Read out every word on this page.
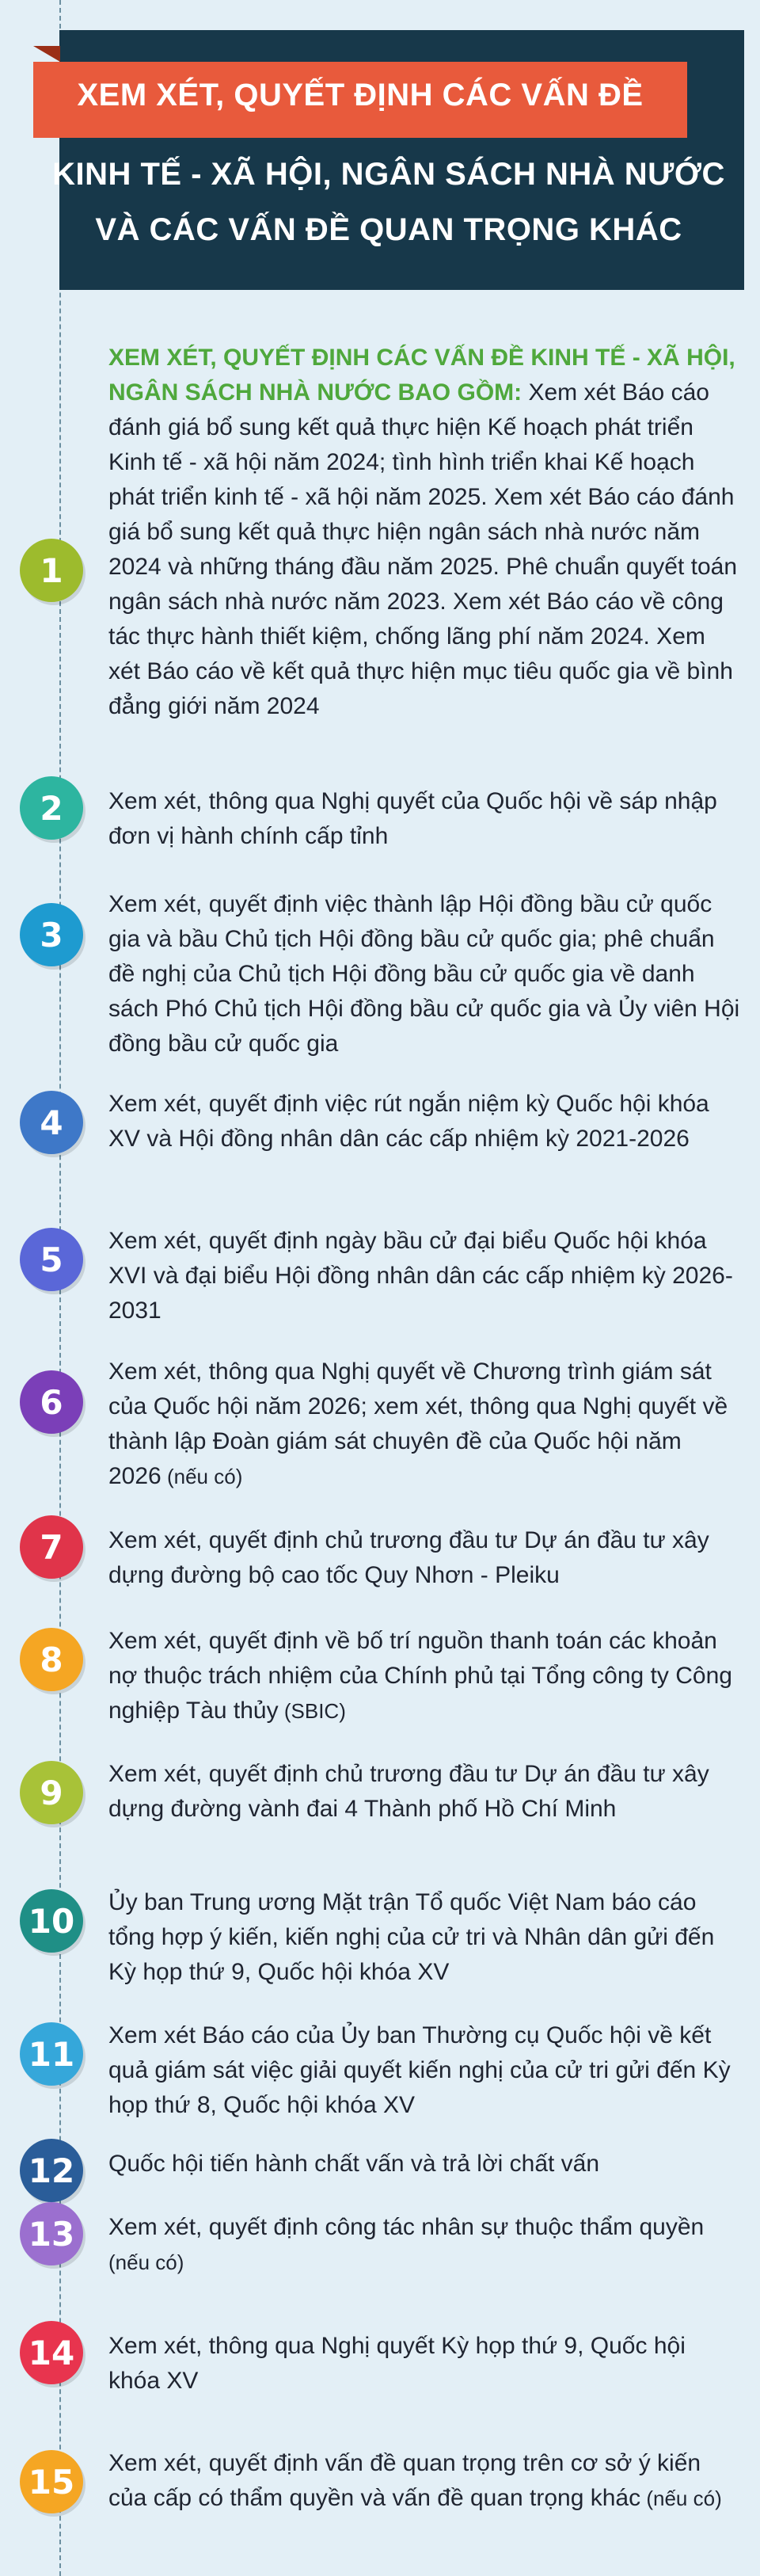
XEM XÉT, QUYẾT ĐỊNH CÁC VẤN ĐỀ
KINH TẾ - XÃ HỘI, NGÂN SÁCH NHÀ NƯỚC
VÀ CÁC VẤN ĐỀ QUAN TRỌNG KHÁC
1
XEM XÉT, QUYẾT ĐỊNH CÁC VẤN ĐỀ KINH TẾ - XÃ HỘI, NGÂN SÁCH NHÀ NƯỚC BAO GỒM: Xem xét Báo cáo đánh giá bổ sung kết quả thực hiện Kế hoạch phát triển Kinh tế - xã hội năm 2024; tình hình triển khai Kế hoạch phát triển kinh tế - xã hội năm 2025. Xem xét Báo cáo đánh giá bổ sung kết quả thực hiện ngân sách nhà nước năm 2024 và những tháng đầu năm 2025. Phê chuẩn quyết toán ngân sách nhà nước năm 2023. Xem xét Báo cáo về công tác thực hành thiết kiệm, chống lãng phí năm 2024. Xem xét Báo cáo về kết quả thực hiện mục tiêu quốc gia về bình đẳng giới năm 2024
2	Xem xét, thông qua Nghị quyết của Quốc hội về sáp nhập đơn vị hành chính cấp tỉnh
3
Xem xét, quyết định việc thành lập Hội đồng bầu cử quốc gia và bầu Chủ tịch Hội đồng bầu cử quốc gia; phê chuẩn đề nghị của Chủ tịch Hội đồng bầu cử quốc gia về danh sách Phó Chủ tịch Hội đồng bầu cử quốc gia và Ủy viên Hội đồng bầu cử quốc gia
4	Xem xét, quyết định việc rút ngắn niệm kỳ Quốc hội khóa XV và Hội đồng nhân dân các cấp nhiệm kỳ 2021-2026
5	Xem xét, quyết định ngày bầu cử đại biểu Quốc hội khóa XVI và đại biểu Hội đồng nhân dân các cấp nhiệm kỳ 2026-2031
6
Xem xét, thông qua Nghị quyết về Chương trình giám sát của Quốc hội năm 2026; xem xét, thông qua Nghị quyết về thành lập Đoàn giám sát chuyên đề của Quốc hội năm 2026 (nếu có)
7	Xem xét, quyết định chủ trương đầu tư Dự án đầu tư xây dựng đường bộ cao tốc Quy Nhơn - Pleiku
8	Xem xét, quyết định về bố trí nguồn thanh toán các khoản nợ thuộc trách nhiệm của Chính phủ tại Tổng công ty Công nghiệp Tàu thủy (SBIC)
9	Xem xét, quyết định chủ trương đầu tư Dự án đầu tư xây dựng đường vành đai 4 Thành phố Hồ Chí Minh
10	Ủy ban Trung ương Mặt trận Tổ quốc Việt Nam báo cáo tổng hợp ý kiến, kiến nghị của cử tri và Nhân dân gửi đến Kỳ họp thứ 9, Quốc hội khóa XV
11	Xem xét Báo cáo của Ủy ban Thường cụ Quốc hội về kết quả giám sát việc giải quyết kiến nghị của cử tri gửi đến Kỳ họp thứ 8, Quốc hội khóa XV
12	Quốc hội tiến hành chất vấn và trả lời chất vấn
13	Xem xét, quyết định công tác nhân sự thuộc thẩm quyền (nếu có)
14	Xem xét, thông qua Nghị quyết Kỳ họp thứ 9, Quốc hội khóa XV
15	Xem xét, quyết định vấn đề quan trọng trên cơ sở ý kiến của cấp có thẩm quyền và vấn đề quan trọng khác (nếu có)
